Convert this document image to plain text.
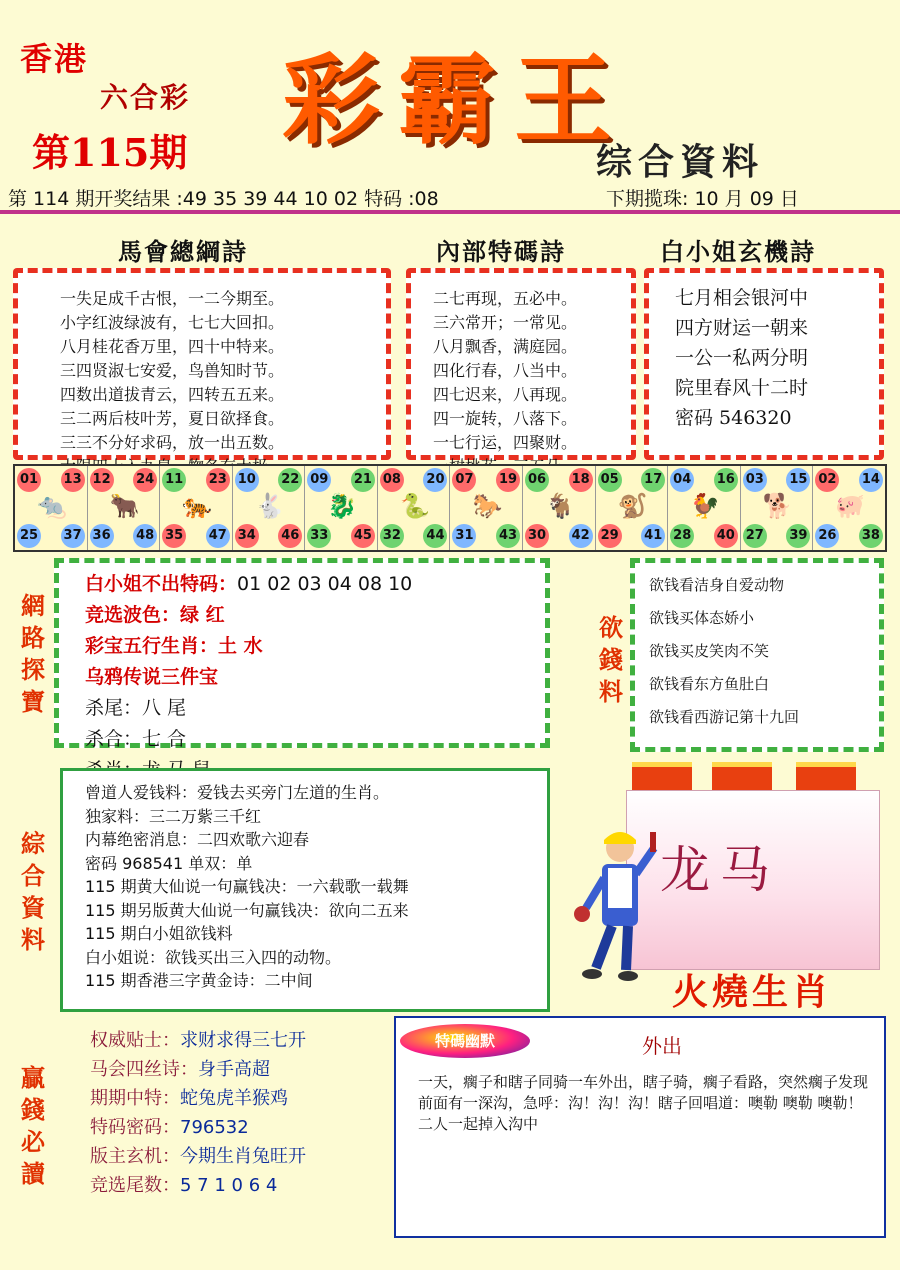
香港
六合彩
第115期 彩霸王
综合資料
第 114 期开奖结果 :49 35 39 44 10 02 特码 :08	下期揽珠: 10 月 09 日
馬會總綱詩	內部特碼詩	白小姐玄機詩
一失足成千古恨，一二今期至。
小字红波绿波有，七七大回扣。
八月桂花香万里，四十中特来。
三四贤淑七安爱，鸟兽知时节。
四数出道拔青云，四转五五来。
三二两后枝叶芳，夏日欲择食。
三三不分好求码，放一出五数。
二七再现，五必中。
三六常开；一常见。
八月飘香，满庭园。
四化行春，八当中。
四七迟来，八再现。
四一旋转，八落下。
一七行运，四聚财。
七月相会银河中
四方财运一朝来
一公一私两分明
院里春风十二时
密码 546320
01 13
25 37
🐀
12 24
36 48
🐂
11 23
35 47
🐅
10 22
34 46
🐇
09 21
33 45
🐉
08 20
32 44
🐍
07 19
31 43
🐎
06 18
30 42
🐐
05 17
29 41
🐒
04 16
28 40
🐓
03 15
27 39
🐕
02 14
26 38
🐖
網路探寶
白小姐不出特码：01 02 03 04 08 10
竞选波色：绿 红
彩宝五行生肖：土 水
乌鸦传说三件宝
杀尾：八 尾
杀合：七 合
欲錢料
欲钱看洁身自爱动物
欲钱买体态娇小
欲钱买皮笑肉不笑
欲钱看东方鱼肚白
欲钱看西游记第十九回
綜合資料
曾道人爱钱料：爱钱去买旁门左道的生肖。
独家料：三二万紫三千红
内幕绝密消息：二四欢歌六迎春
密码 968541 单双：单
115 期黄大仙说一句赢钱决：一六载歌一载舞
115 期另版黄大仙说一句赢钱决：欲向二五来
115 期白小姐欲钱料
白小姐说：欲钱买出三入四的动物。
115 期香港三字黄金诗：二中间
龙马
火燒生肖
贏錢必讀
权威贴士：求财求得三七开
马会四丝诗：身手高超
期期中特：蛇兔虎羊猴鸡
特码密码：796532
版主玄机：今期生肖兔旺开
竞选尾数：5 7 1 0 6 4
特碼幽默	外出
一天，瘸子和瞎子同骑一车外出，瞎子骑，瘸子看路，突然瘸子发现前面有一深沟，急呼：沟！沟！沟！瞎子回唱道：噢勒 噢勒 噢勒！二人一起掉入沟中
